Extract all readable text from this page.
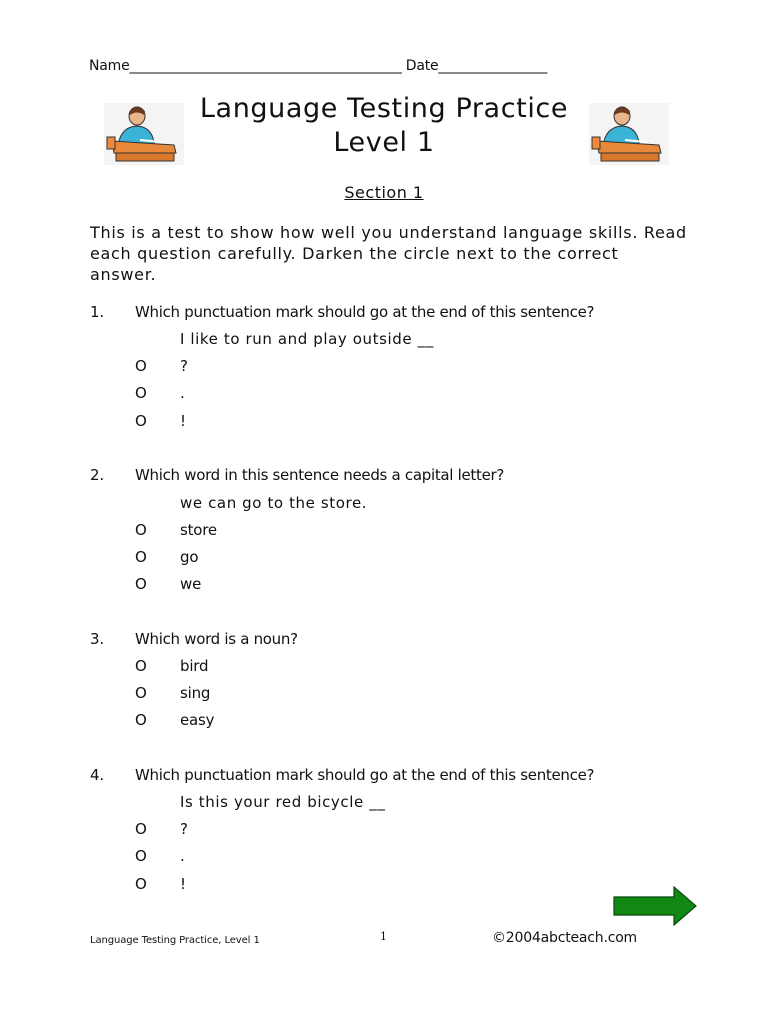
Name________________________________________ Date________________
Language Testing Practice
Level 1
Section 1
This is a test to show how well you understand language skills. Read each question carefully. Darken the circle next to the correct answer.
1. Which punctuation mark should go at the end of this sentence?
I like to run and play outside __
O ?
O .
O !
2. Which word in this sentence needs a capital letter?
we can go to the store.
O store
O go
O we
3. Which word is a noun?
O bird
O sing
O easy
4. Which punctuation mark should go at the end of this sentence?
Is this your red bicycle __
O ?
O .
O !
Language Testing Practice, Level 1	1	©2004abcteach.com
